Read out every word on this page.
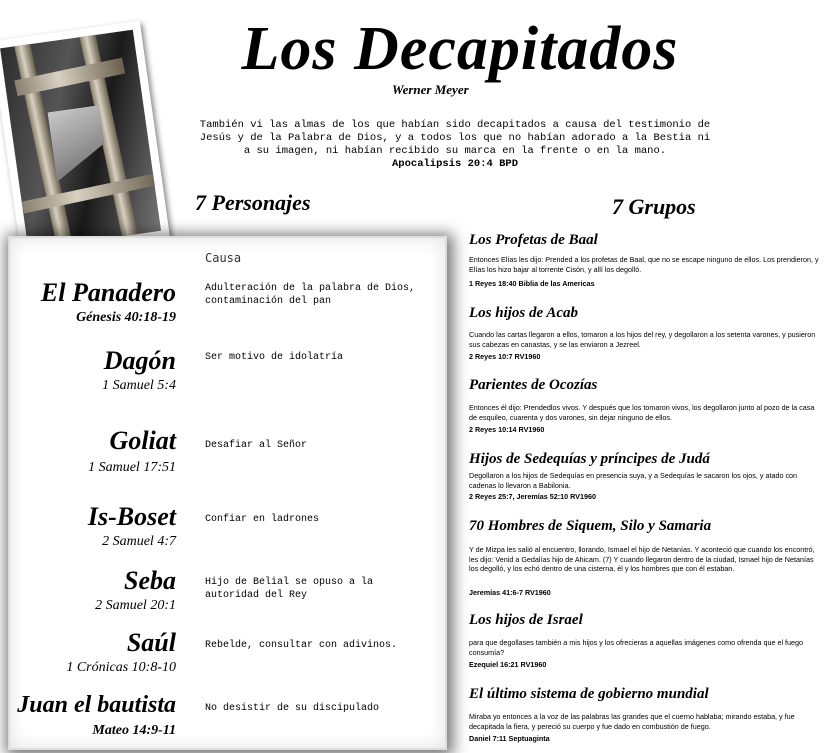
Los Decapitados
Werner Meyer
También vi las almas de los que habían sido decapitados a causa del testimonio de Jesús y de la Palabra de Dios, y a todos los que no habían adorado a la Bestia ni a su imagen, ni habían recibido su marca en la frente o en la mano.
Apocalipsis 20:4 BPD
7 Personajes	7 Grupos
Causa
El Panadero
Génesis 40:18-19
Adulteración de la palabra de Dios, contaminación del pan
Dagón
1 Samuel 5:4
Ser motivo de idolatría
Goliat
1 Samuel 17:51
Desafiar al Señor
Is-Boset
2 Samuel 4:7
Confiar en ladrones
Seba
2 Samuel 20:1
Hijo de Belial se opuso a la autoridad del Rey
Saúl
1 Crónicas 10:8-10
Rebelde, consultar con adivinos.
Juan el bautista
Mateo 14:9-11
No desistir de su discipulado
Los Profetas de Baal
Entonces Elías les dijo: Prended a los profetas de Baal, que no se escape ninguno de ellos. Los prendieron, y Elías los hizo bajar al torrente Cisón, y allí los degolló.
1 Reyes 18:40 Biblia de las Americas
Los hijos de Acab
Cuando las cartas llegaron a ellos, tomaron a los hijos del rey, y degollaron a los setenta varones, y pusieron sus cabezas en canastas, y se las enviaron a Jezreel.
2 Reyes 10:7 RV1960
Parientes de Ocozías
Entonces él dijo: Prendedlos vivos. Y después que los tomaron vivos, los degollaron junto al pozo de la casa de esquileo, cuarenta y dos varones, sin dejar ninguno de ellos.
2 Reyes 10:14 RV1960
Hijos de Sedequías y príncipes de Judá
Degollaron a los hijos de Sedequías en presencia suya, y a Sedequías le sacaron los ojos, y atado con cadenas lo llevaron a Babilonia.
2 Reyes 25:7, Jeremías 52:10 RV1960
70 Hombres de Siquem, Silo y Samaria
Y de Mizpa les salió al encuentro, llorando, Ismael el hijo de Netanías. Y aconteció que cuando los encontró, les dijo: Venid a Gedalías hijo de Ahicam. (7) Y cuando llegaron dentro de la ciudad, Ismael hijo de Netanías los degolló, y los echó dentro de una cisterna, él y los hombres que con él estaban.
Jeremías 41:6-7 RV1960
Los hijos de Israel
para que degollases también a mis hijos y los ofrecieras a aquellas imágenes como ofrenda que el fuego consumía?
Ezequiel 16:21 RV1960
El último sistema de gobierno mundial
Miraba yo entonces a la voz de las palabras las grandes que el cuerno hablaba; mirando estaba, y fue decapitada la fiera, y pereció su cuerpo y fue dado en combustión de fuego.
Daniel 7:11 Septuaginta
